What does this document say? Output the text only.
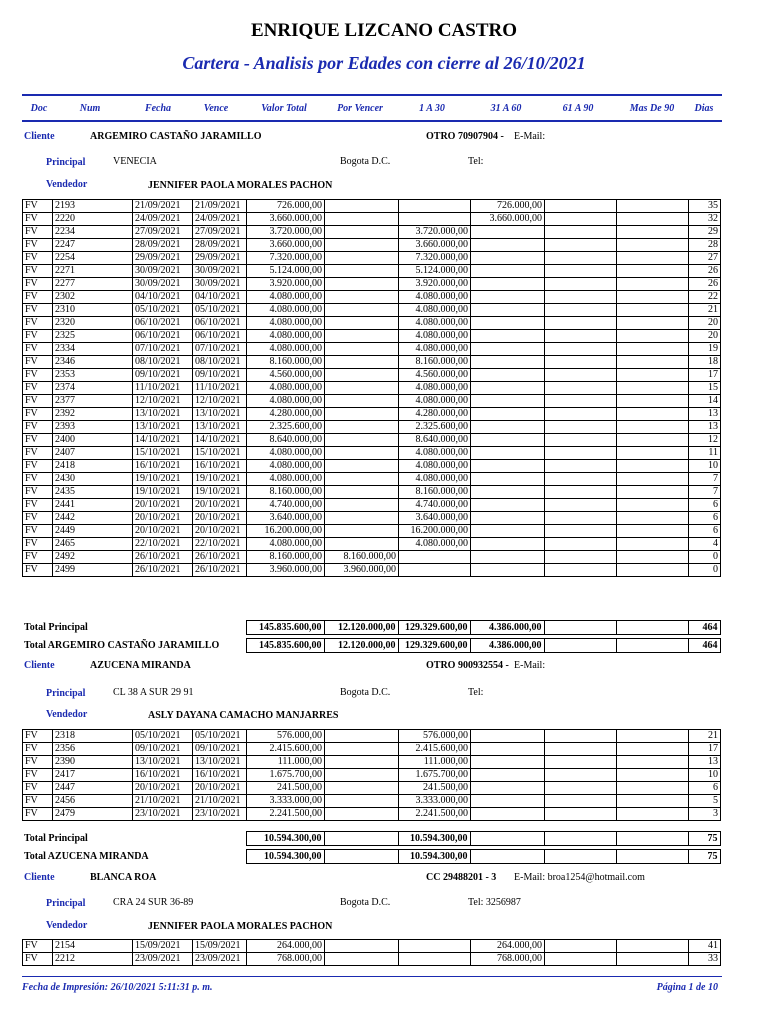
ENRIQUE LIZCANO CASTRO
Cartera - Analisis por Edades con cierre al 26/10/2021
Doc	Num	Fecha	Vence	Valor Total	Por Vencer	1 A 30	31 A 60	61 A 90	Mas De 90	Dias
Cliente	ARGEMIRO CASTAÑO JARAMILLO	OTRO 70907904 - E-Mail:
Principal	VENECIA	Bogota D.C.	Tel:
Vendedor	JENNIFER PAOLA MORALES PACHON
FV	2193	21/09/2021	21/09/2021	726.000,00			726.000,00			35
FV	2220	24/09/2021	24/09/2021	3.660.000,00			3.660.000,00			32
FV	2234	27/09/2021	27/09/2021	3.720.000,00		3.720.000,00				29
FV	2247	28/09/2021	28/09/2021	3.660.000,00		3.660.000,00				28
FV	2254	29/09/2021	29/09/2021	7.320.000,00		7.320.000,00				27
FV	2271	30/09/2021	30/09/2021	5.124.000,00		5.124.000,00				26
FV	2277	30/09/2021	30/09/2021	3.920.000,00		3.920.000,00				26
FV	2302	04/10/2021	04/10/2021	4.080.000,00		4.080.000,00				22
FV	2310	05/10/2021	05/10/2021	4.080.000,00		4.080.000,00				21
FV	2320	06/10/2021	06/10/2021	4.080.000,00		4.080.000,00				20
FV	2325	06/10/2021	06/10/2021	4.080.000,00		4.080.000,00				20
FV	2334	07/10/2021	07/10/2021	4.080.000,00		4.080.000,00				19
FV	2346	08/10/2021	08/10/2021	8.160.000,00		8.160.000,00				18
FV	2353	09/10/2021	09/10/2021	4.560.000,00		4.560.000,00				17
FV	2374	11/10/2021	11/10/2021	4.080.000,00		4.080.000,00				15
FV	2377	12/10/2021	12/10/2021	4.080.000,00		4.080.000,00				14
FV	2392	13/10/2021	13/10/2021	4.280.000,00		4.280.000,00				13
FV	2393	13/10/2021	13/10/2021	2.325.600,00		2.325.600,00				13
FV	2400	14/10/2021	14/10/2021	8.640.000,00		8.640.000,00				12
FV	2407	15/10/2021	15/10/2021	4.080.000,00		4.080.000,00				11
FV	2418	16/10/2021	16/10/2021	4.080.000,00		4.080.000,00				10
FV	2430	19/10/2021	19/10/2021	4.080.000,00		4.080.000,00				7
FV	2435	19/10/2021	19/10/2021	8.160.000,00		8.160.000,00				7
FV	2441	20/10/2021	20/10/2021	4.740.000,00		4.740.000,00				6
FV	2442	20/10/2021	20/10/2021	3.640.000,00		3.640.000,00				6
FV	2449	20/10/2021	20/10/2021	16.200.000,00		16.200.000,00				6
FV	2465	22/10/2021	22/10/2021	4.080.000,00		4.080.000,00				4
FV	2492	26/10/2021	26/10/2021	8.160.000,00	8.160.000,00					0
FV	2499	26/10/2021	26/10/2021	3.960.000,00	3.960.000,00					0
Total Principal	145.835.600,00	12.120.000,00	129.329.600,00	4.386.000,00			464
Total ARGEMIRO CASTAÑO JARAMILLO	145.835.600,00	12.120.000,00	129.329.600,00	4.386.000,00			464
Cliente	AZUCENA MIRANDA	OTRO 900932554 - E-Mail:
Principal	CL 38 A SUR 29 91	Bogota D.C.	Tel:
Vendedor	ASLY DAYANA CAMACHO MANJARRES
FV	2318	05/10/2021	05/10/2021	576.000,00		576.000,00				21
FV	2356	09/10/2021	09/10/2021	2.415.600,00		2.415.600,00				17
FV	2390	13/10/2021	13/10/2021	111.000,00		111.000,00				13
FV	2417	16/10/2021	16/10/2021	1.675.700,00		1.675.700,00				10
FV	2447	20/10/2021	20/10/2021	241.500,00		241.500,00				6
FV	2456	21/10/2021	21/10/2021	3.333.000,00		3.333.000,00				5
FV	2479	23/10/2021	23/10/2021	2.241.500,00		2.241.500,00				3
Total Principal	10.594.300,00		10.594.300,00				75
Total AZUCENA MIRANDA	10.594.300,00		10.594.300,00				75
Cliente	BLANCA ROA	CC 29488201 - 3 E-Mail: broa1254@hotmail.com
Principal	CRA 24 SUR 36-89	Bogota D.C.	Tel: 3256987
Vendedor	JENNIFER PAOLA MORALES PACHON
FV	2154	15/09/2021	15/09/2021	264.000,00			264.000,00			41
FV	2212	23/09/2021	23/09/2021	768.000,00			768.000,00			33
Fecha de Impresión: 26/10/2021 5:11:31 p. m.	Página 1 de 10
